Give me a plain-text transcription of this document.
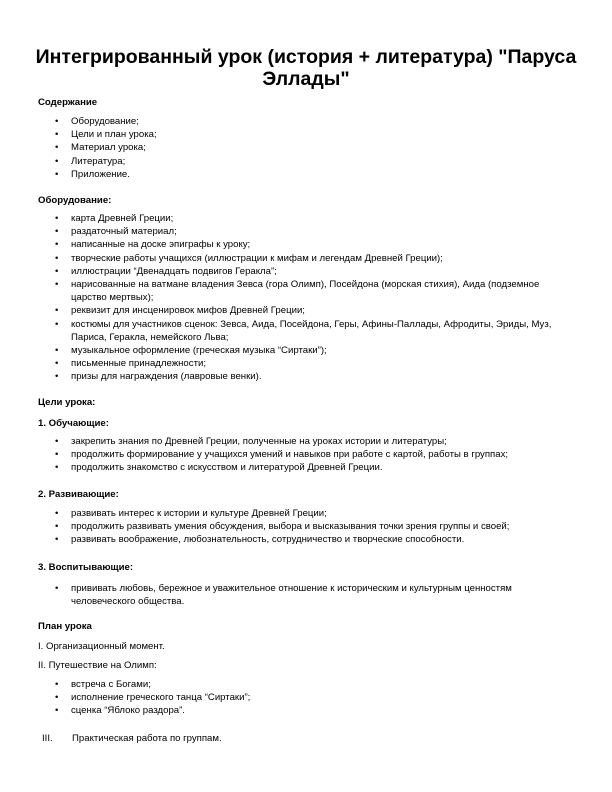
Интегрированный урок (история + литература) "Паруса Эллады"

Содержание

• Оборудование;
• Цели и план урока;
• Материал урока;
• Литература;
• Приложение.

Оборудование:

• карта Древней Греции;
• раздаточный материал;
• написанные на доске эпиграфы к уроку;
• творческие работы учащихся (иллюстрации к мифам и легендам Древней Греции);
• иллюстрации “Двенадцать подвигов Геракла”;
• нарисованные на ватмане владения Зевса (гора Олимп), Посейдона (морская стихия), Аида (подземное царство мертвых);
• реквизит для инсценировок мифов Древней Греции;
• костюмы для участников сценок: Зевса, Аида, Посейдона, Геры, Афины-Паллады, Афродиты, Эриды, Муз, Париса, Геракла, немейского Льва;
• музыкальное оформление (греческая музыка “Сиртаки”);
• письменные принадлежности;
• призы для награждения (лавровые венки).

Цели урока:

1. Обучающие:

• закрепить знания по Древней Греции, полученные на уроках истории и литературы;
• продолжить формирование у учащихся умений и навыков при работе с картой, работы в группах;
• продолжить знакомство с искусством и литературой Древней Греции.

2. Развивающие:

• развивать интерес к истории и культуре Древней Греции;
• продолжить развивать умения обсуждения, выбора и высказывания точки зрения группы и своей;
• развивать воображение, любознательность, сотрудничество и творческие способности.

3. Воспитывающие:

• прививать любовь, бережное и уважительное отношение к историческим и культурным ценностям человеческого общества.

План урока

I. Организационный момент.

II. Путешествие на Олимп:

• встреча с Богами;
• исполнение греческого танца “Сиртаки”;
• сценка “Яблоко раздора”.
III. Практическая работа по группам.
